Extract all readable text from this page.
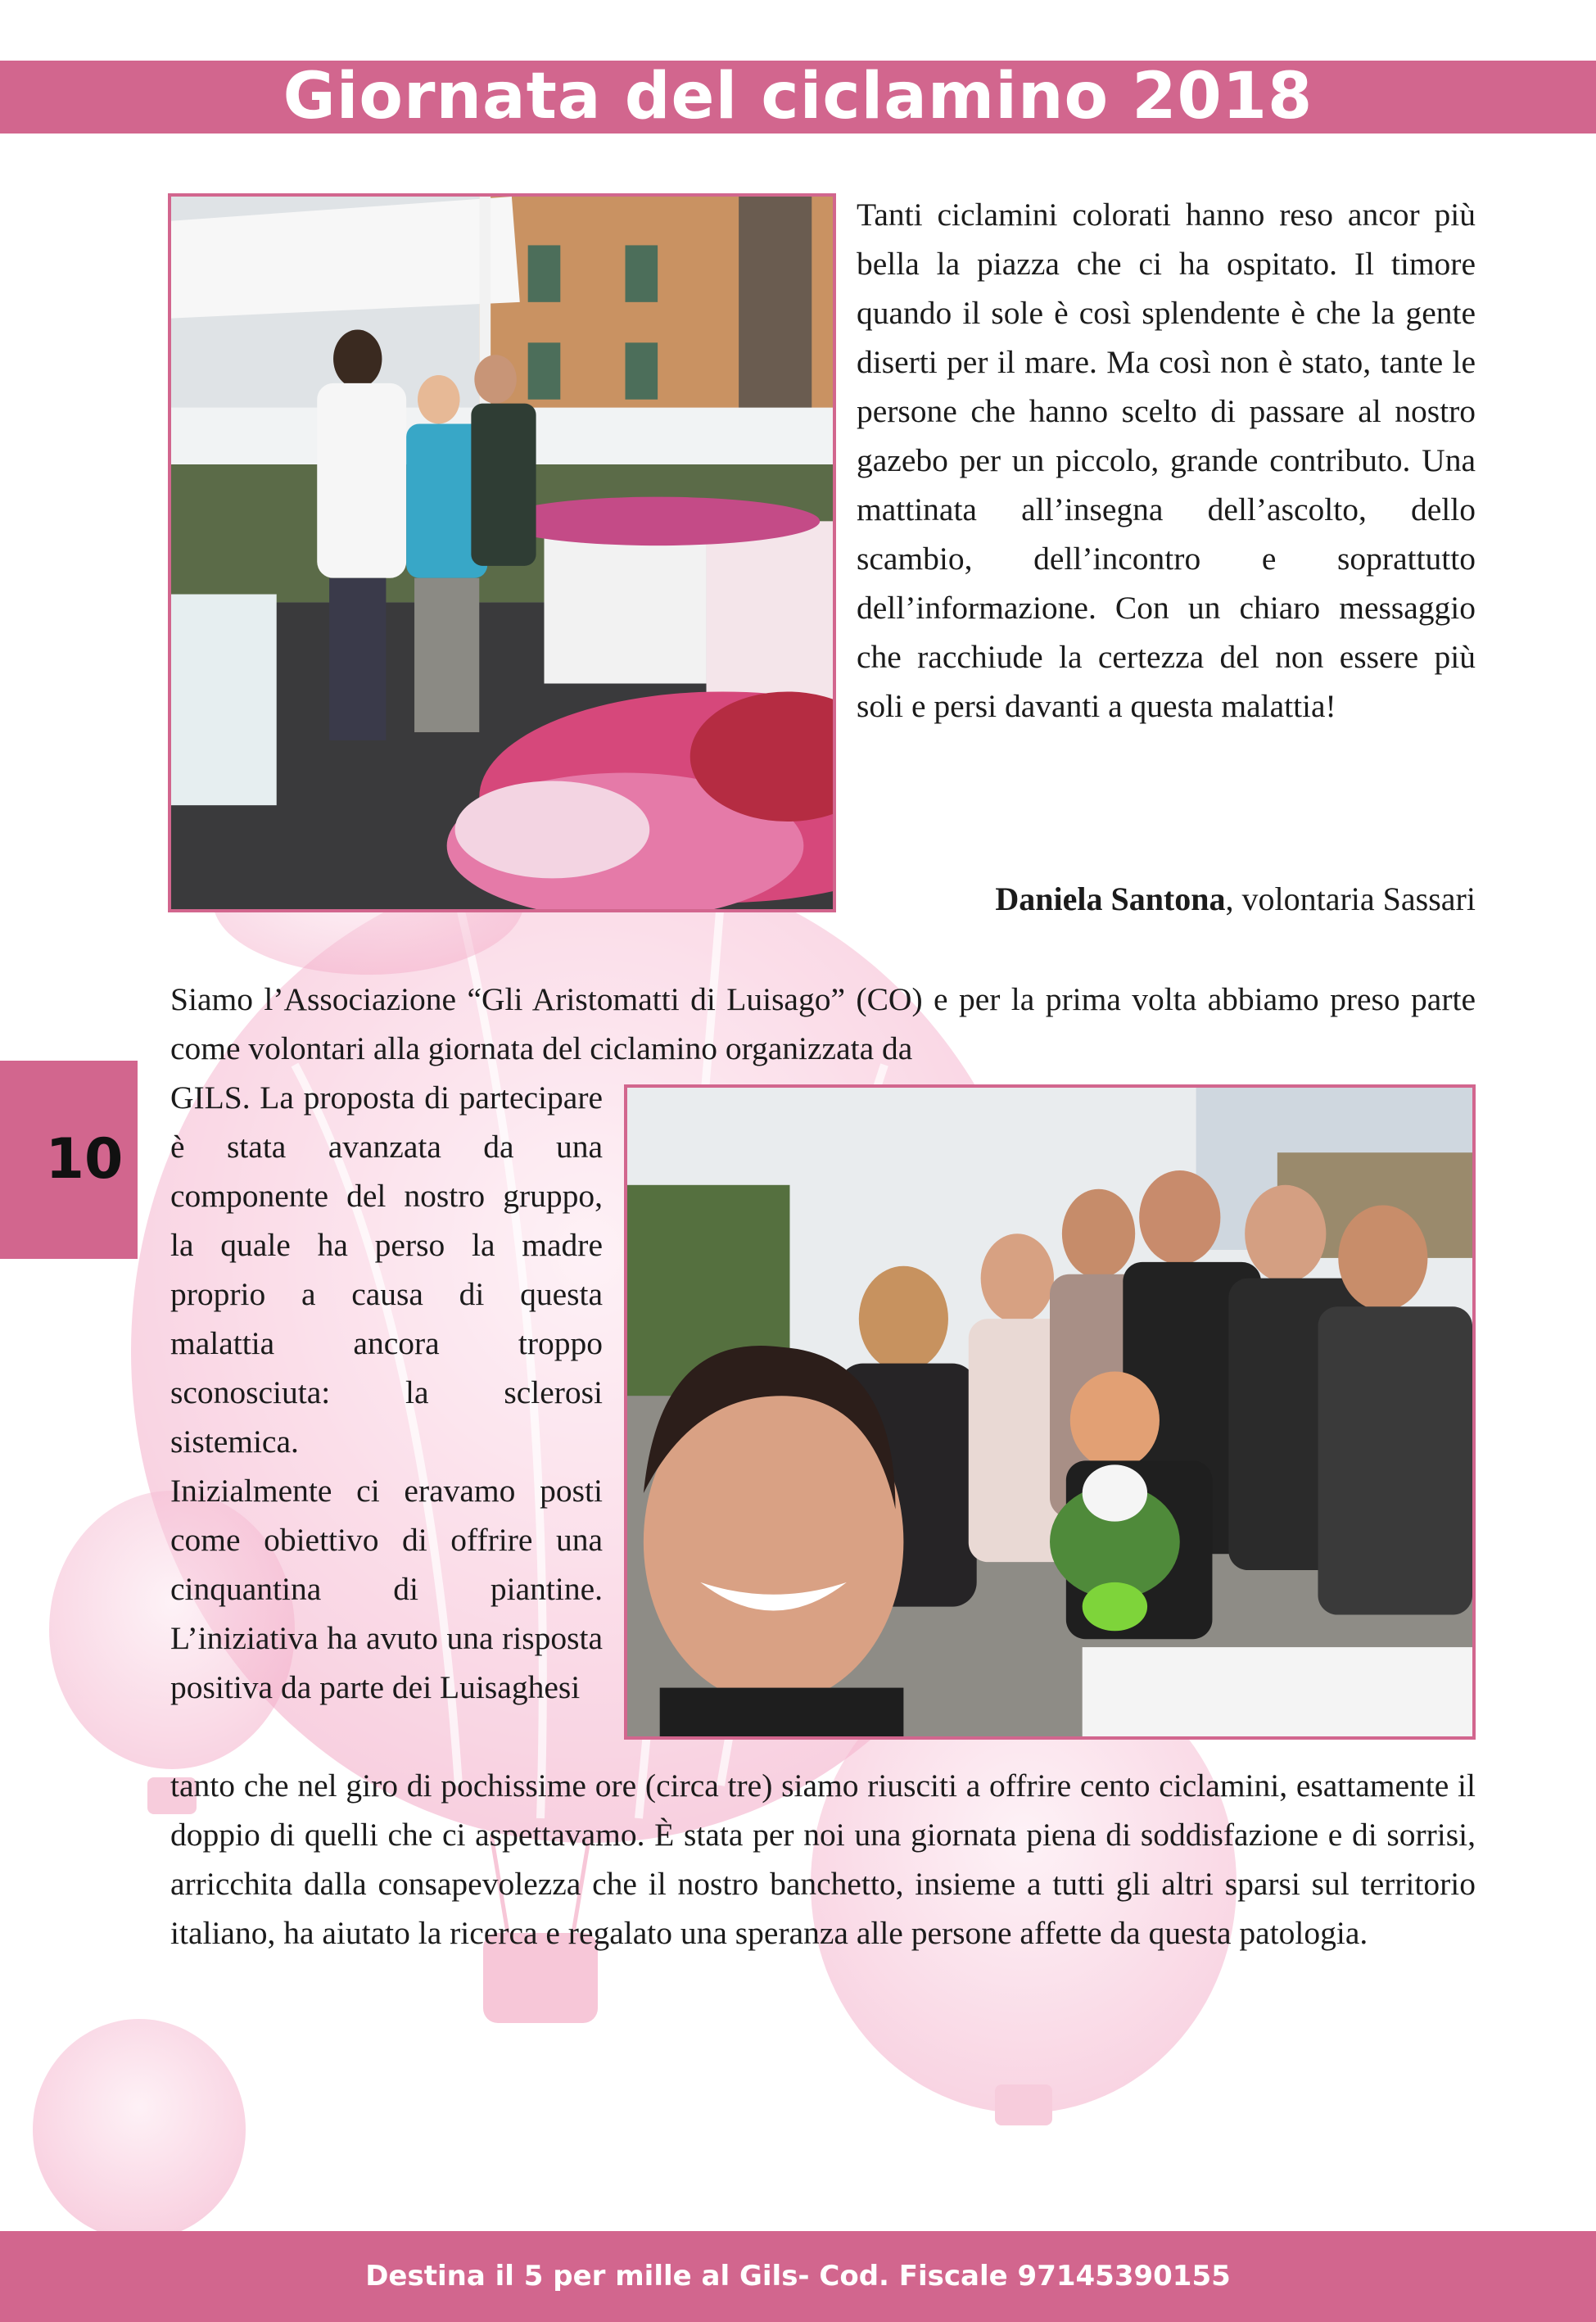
Giornata del ciclamino 2018

Tanti ciclamini colorati hanno reso ancor più bella la piazza che ci ha ospitato. Il timore quando il sole è così splendente è che la gente diserti per il mare. Ma così non è stato, tante le persone che hanno scelto di passare al nostro gazebo per un piccolo, grande contributo. Una mattinata all’insegna dell’ascolto, dello scambio, dell’incontro e soprattutto dell’informazione. Con un chiaro messaggio che racchiude la certezza del non essere più soli e persi davanti a questa malattia!

Daniela Santona, volontaria Sassari

Siamo l’Associazione “Gli Aristomatti di Luisago” (CO) e per la prima volta abbiamo preso parte come volontari alla giornata del ciclamino organizzata da

GILS. La proposta di partecipare è stata avanzata da una componente del nostro gruppo, la quale ha perso la madre proprio a causa di questa malattia ancora troppo sconosciuta: la sclerosi sistemica.
Inizialmente ci eravamo posti come obiettivo di offrire una cinquantina di piantine. L’iniziativa ha avuto una risposta positiva da parte dei Luisaghesi

tanto che nel giro di pochissime ore (circa tre) siamo riusciti a offrire cento ciclamini, esattamente il doppio di quelli che ci aspettavamo. È stata per noi una giornata piena di soddisfazione e di sorrisi, arricchita dalla consapevolezza che il nostro banchetto, insieme a tutti gli altri sparsi sul territorio italiano, ha aiutato la ricerca e regalato una speranza alle persone affette da questa patologia.

10

Destina il 5 per mille al Gils- Cod. Fiscale 97145390155
